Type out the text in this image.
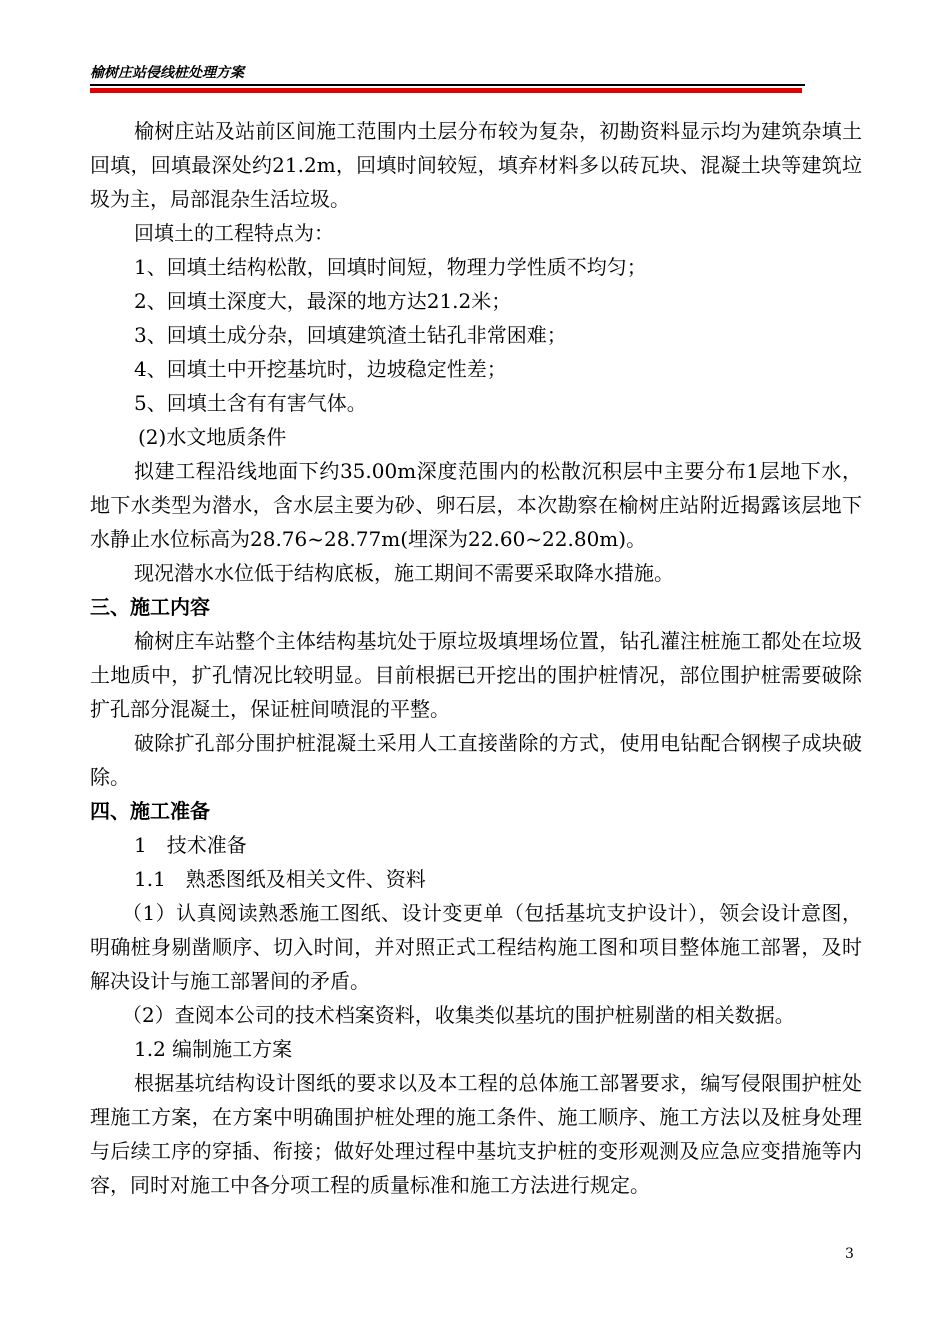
榆树庄站侵线桩处理方案

榆树庄站及站前区间施工范围内土层分布较为复杂，初勘资料显示均为建筑杂填土回填，回填最深处约21.2m，回填时间较短，填弃材料多以砖瓦块、混凝土块等建筑垃圾为主，局部混杂生活垃圾。

回填土的工程特点为：

1、回填土结构松散，回填时间短，物理力学性质不均匀；

2、回填土深度大，最深的地方达21.2米；

3、回填土成分杂，回填建筑渣土钻孔非常困难；

4、回填土中开挖基坑时，边坡稳定性差；

5、回填土含有有害气体。

(2)水文地质条件

拟建工程沿线地面下约35.00m深度范围内的松散沉积层中主要分布1层地下水，地下水类型为潜水，含水层主要为砂、卵石层，本次勘察在榆树庄站附近揭露该层地下水静止水位标高为28.76~28.77m(埋深为22.60~22.80m)。

现况潜水水位低于结构底板，施工期间不需要采取降水措施。

三、施工内容

榆树庄车站整个主体结构基坑处于原垃圾填埋场位置，钻孔灌注桩施工都处在垃圾土地质中，扩孔情况比较明显。目前根据已开挖出的围护桩情况，部位围护桩需要破除扩孔部分混凝土，保证桩间喷混的平整。

破除扩孔部分围护桩混凝土采用人工直接凿除的方式，使用电钻配合钢楔子成块破除。

四、施工准备

1　技术准备

1.1　熟悉图纸及相关文件、资料

（1）认真阅读熟悉施工图纸、设计变更单（包括基坑支护设计），领会设计意图，明确桩身剔凿顺序、切入时间，并对照正式工程结构施工图和项目整体施工部署，及时解决设计与施工部署间的矛盾。

（2）查阅本公司的技术档案资料，收集类似基坑的围护桩剔凿的相关数据。

1.2 编制施工方案

根据基坑结构设计图纸的要求以及本工程的总体施工部署要求，编写侵限围护桩处理施工方案，在方案中明确围护桩处理的施工条件、施工顺序、施工方法以及桩身处理与后续工序的穿插、衔接；做好处理过程中基坑支护桩的变形观测及应急应变措施等内容，同时对施工中各分项工程的质量标准和施工方法进行规定。

3
